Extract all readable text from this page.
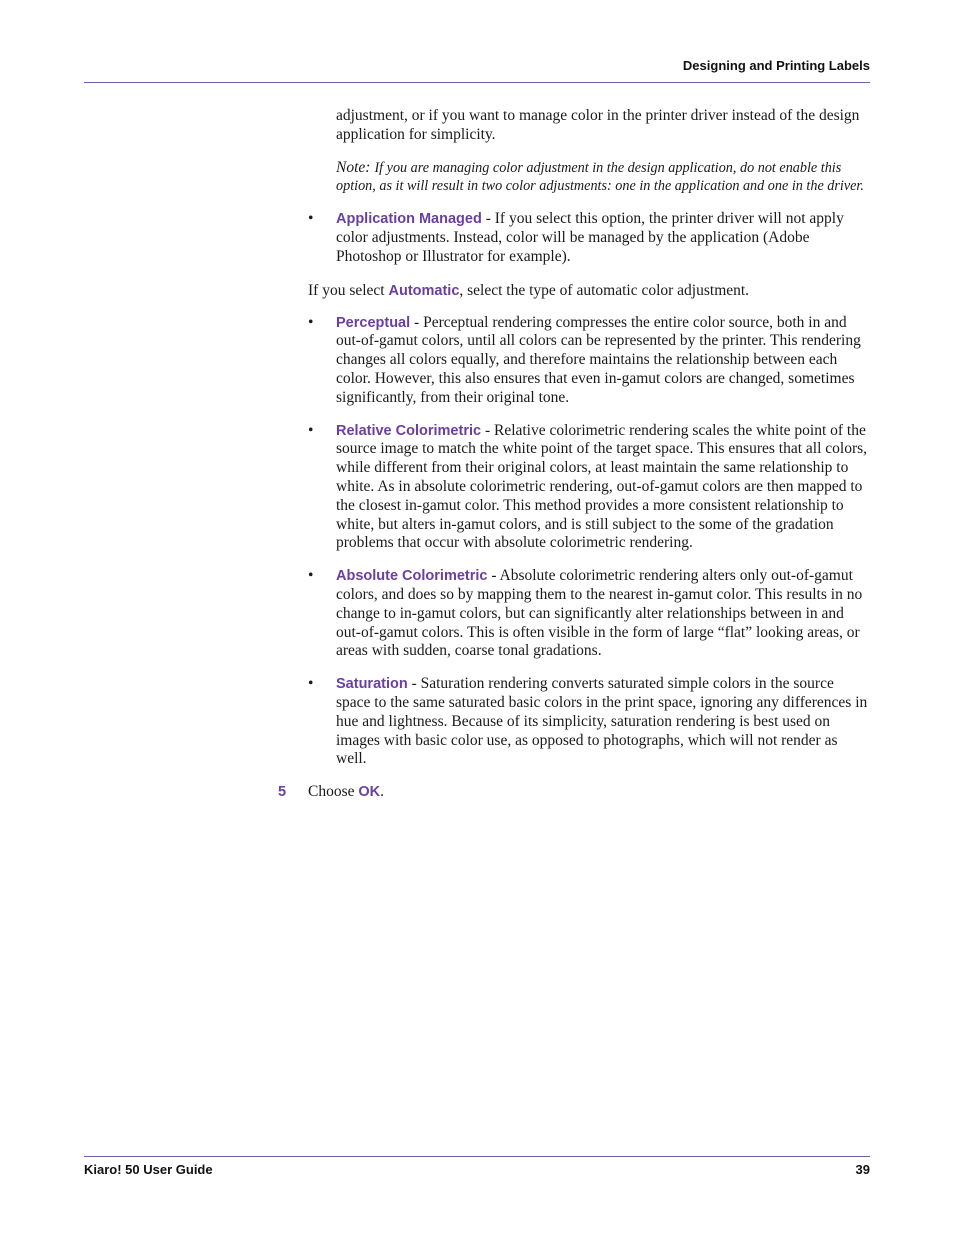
Designing and Printing Labels

adjustment, or if you want to manage color in the printer driver instead of the design application for simplicity.

Note: If you are managing color adjustment in the design application, do not enable this option, as it will result in two color adjustments: one in the application and one in the driver.

• Application Managed - If you select this option, the printer driver will not apply color adjustments. Instead, color will be managed by the application (Adobe Photoshop or Illustrator for example).

If you select Automatic, select the type of automatic color adjustment.

• Perceptual - Perceptual rendering compresses the entire color source, both in and out-of-gamut colors, until all colors can be represented by the printer. This rendering changes all colors equally, and therefore maintains the relationship between each color. However, this also ensures that even in-gamut colors are changed, sometimes significantly, from their original tone.
• Relative Colorimetric - Relative colorimetric rendering scales the white point of the source image to match the white point of the target space. This ensures that all colors, while different from their original colors, at least maintain the same relationship to white. As in absolute colorimetric rendering, out-of-gamut colors are then mapped to the closest in-gamut color. This method provides a more consistent relationship to white, but alters in-gamut colors, and is still subject to the some of the gradation problems that occur with absolute colorimetric rendering.
• Absolute Colorimetric - Absolute colorimetric rendering alters only out-of-gamut colors, and does so by mapping them to the nearest in-gamut color. This results in no change to in-gamut colors, but can significantly alter relationships between in and out-of-gamut colors. This is often visible in the form of large “flat” looking areas, or areas with sudden, coarse tonal gradations.
• Saturation - Saturation rendering converts saturated simple colors in the source space to the same saturated basic colors in the print space, ignoring any differences in hue and lightness. Because of its simplicity, saturation rendering is best used on images with basic color use, as opposed to photographs, which will not render as well.
5 Choose OK.
Kiaro! 50 User Guide	39
